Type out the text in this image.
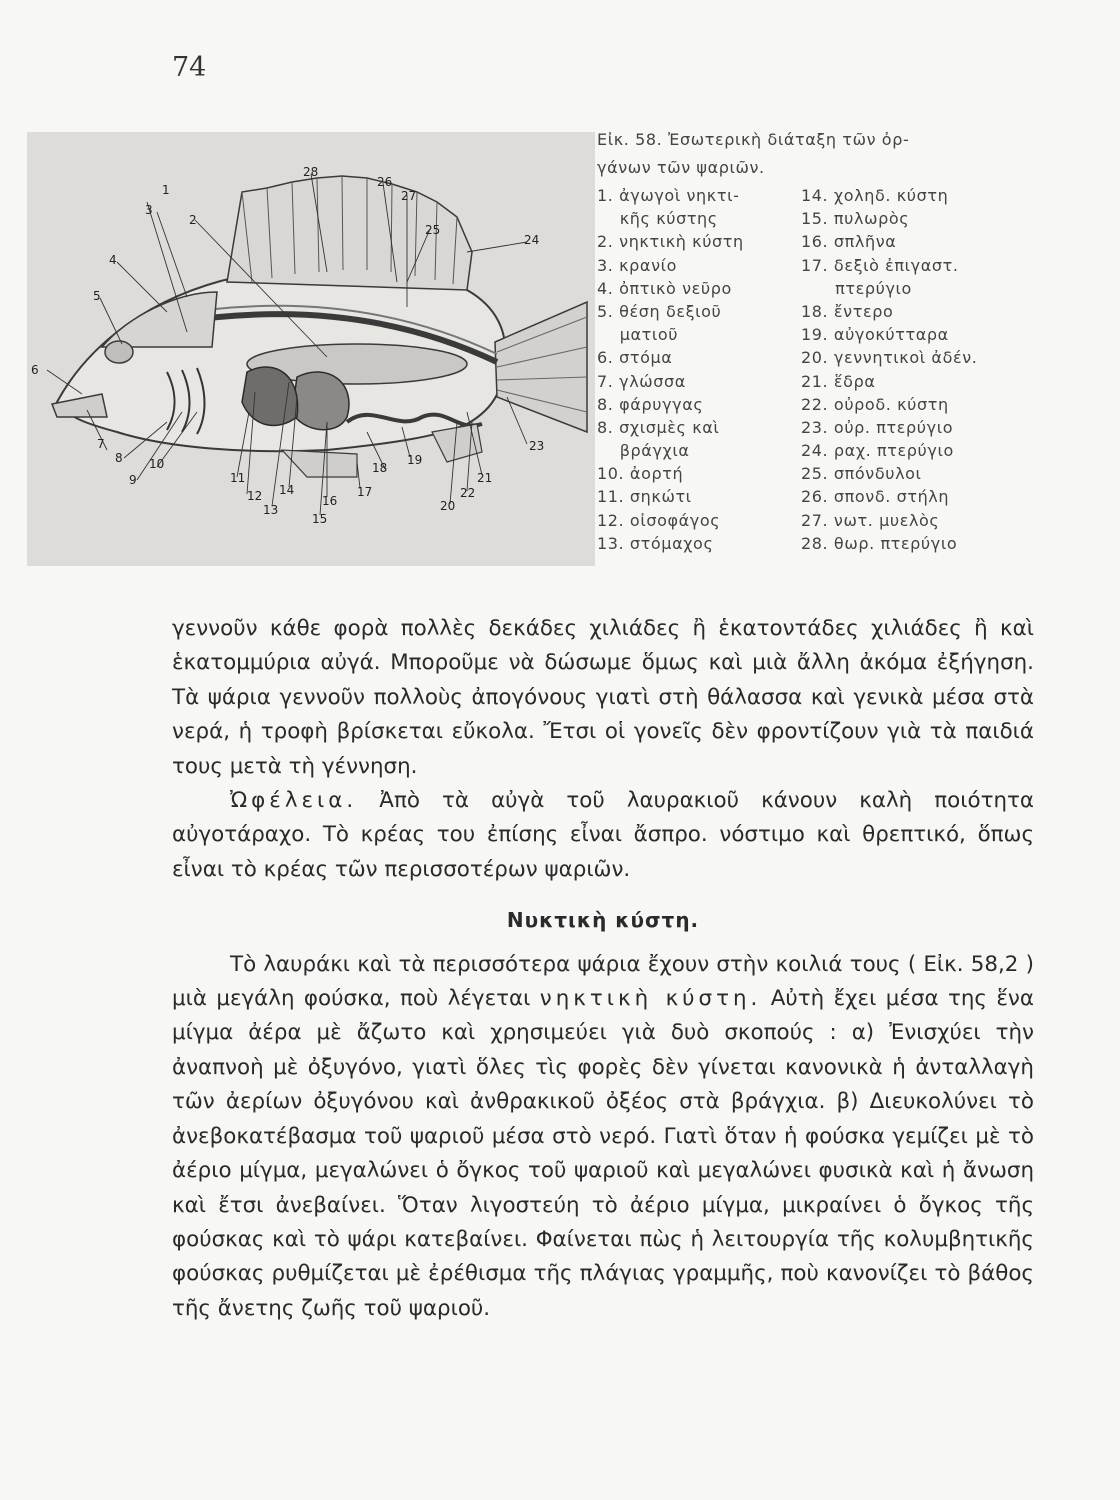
74
1
2
3
4
5
6
7
8
9
10
11
12
13
14
15
16
17
18
19
20
21
22
23
24
25
26
27
28
Εἰκ. 58. Ἐσωτερικὴ διάταξη τῶν ὀρ-
γάνων τῶν ψαριῶν.
1. ἀγωγοὶ νηκτι-
κῆς κύστης
2. νηκτικὴ κύστη
3. κρανίο
4. ὀπτικὸ νεῦρο
5. θέση δεξιοῦ
ματιοῦ
6. στόμα
7. γλώσσα
8. φάρυγγας
8. σχισμὲς καὶ
βράγχια
10. ἀορτή
11. σηκώτι
12. οἰσοφάγος
13. στόμαχος
14. χοληδ. κύστη
15. πυλωρὸς
16. σπλῆνα
17. δεξιὸ ἐπιγαστ.
πτερύγιο
18. ἔντερο
19. αὐγοκύτταρα
20. γεννητικοὶ ἀδέν.
21. ἕδρα
22. οὐροδ. κύστη
23. οὐρ. πτερύγιο
24. ραχ. πτερύγιο
25. σπόνδυλοι
26. σπονδ. στήλη
27. νωτ. μυελὸς
28. θωρ. πτερύγιο

γεννοῦν κάθε φορὰ πολλὲς δεκάδες χιλιάδες ἢ ἑκατοντάδες χιλιάδες ἢ καὶ ἑκατομμύρια αὐγά. Μποροῦμε νὰ δώσωμε ὅμως καὶ μιὰ ἄλλη ἀκόμα ἐξήγηση. Τὰ ψάρια γεννοῦν πολλοὺς ἀπογόνους γιατὶ στὴ θάλασσα καὶ γενικὰ μέσα στὰ νερά, ἡ τροφὴ βρίσκεται εὔκολα. Ἔτσι οἱ γονεῖς δὲν φροντίζουν γιὰ τὰ παιδιά τους μετὰ τὴ γέννηση.

Ὠφέλεια. Ἀπὸ τὰ αὐγὰ τοῦ λαυρακιοῦ κάνουν καλὴ ποιότητα αὐγοτάραχο. Τὸ κρέας του ἐπίσης εἶναι ἄσπρο. νόστιμο καὶ θρεπτικό, ὅπως εἶναι τὸ κρέας τῶν περισσοτέρων ψαριῶν.

Νυκτικὴ κύστη.

Τὸ λαυράκι καὶ τὰ περισσότερα ψάρια ἔχουν στὴν κοιλιά τους ( Εἰκ. 58,2 ) μιὰ μεγάλη φούσκα, ποὺ λέγεται νηκτικὴ κύστη. Αὐτὴ ἔχει μέσα της ἕνα μίγμα ἀέρα μὲ ἄζωτο καὶ χρησιμεύει γιὰ δυὸ σκοπούς : α) Ἐνισχύει τὴν ἀναπνοὴ μὲ ὀξυγόνο, γιατὶ ὅλες τὶς φορὲς δὲν γίνεται κανονικὰ ἡ ἀνταλλαγὴ τῶν ἀερίων ὀξυγόνου καὶ ἀνθρακικοῦ ὀξέος στὰ βράγχια. β) Διευκολύνει τὸ ἀνεβοκατέβασμα τοῦ ψαριοῦ μέσα στὸ νερό. Γιατὶ ὅταν ἡ φούσκα γεμίζει μὲ τὸ ἀέριο μίγμα, μεγαλώνει ὁ ὄγκος τοῦ ψαριοῦ καὶ μεγαλώνει φυσικὰ καὶ ἡ ἄνωση καὶ ἔτσι ἀνεβαίνει. Ὅταν λιγοστεύη τὸ ἀέριο μίγμα, μικραίνει ὁ ὄγκος τῆς φούσκας καὶ τὸ ψάρι κατεβαίνει. Φαίνεται πὼς ἡ λειτουργία τῆς κολυμβητικῆς φούσκας ρυθμίζεται μὲ ἐρέθισμα τῆς πλάγιας γραμμῆς, ποὺ κανονίζει τὸ βάθος τῆς ἄνετης ζωῆς τοῦ ψαριοῦ.
